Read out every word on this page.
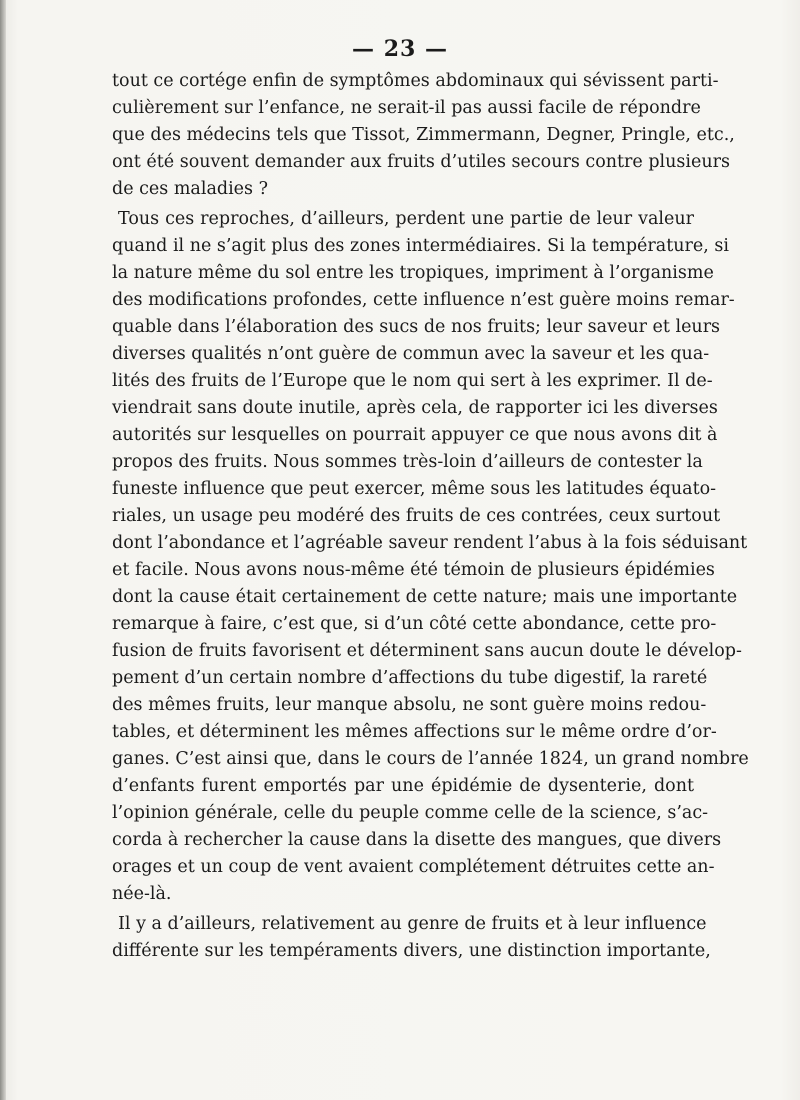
— 23 —
tout ce cortége enfin de symptômes abdominaux qui sévissent parti-
culièrement sur l’enfance, ne serait-il pas aussi facile de répondre
que des médecins tels que Tissot, Zimmermann, Degner, Pringle, etc.,
ont été souvent demander aux fruits d’utiles secours contre plusieurs
de ces maladies ?
Tous ces reproches, d’ailleurs, perdent une partie de leur valeur
quand il ne s’agit plus des zones intermédiaires. Si la température, si
la nature même du sol entre les tropiques, impriment à l’organisme
des modifications profondes, cette influence n’est guère moins remar-
quable dans l’élaboration des sucs de nos fruits; leur saveur et leurs
diverses qualités n’ont guère de commun avec la saveur et les qua-
lités des fruits de l’Europe que le nom qui sert à les exprimer. Il de-
viendrait sans doute inutile, après cela, de rapporter ici les diverses
autorités sur lesquelles on pourrait appuyer ce que nous avons dit à
propos des fruits. Nous sommes très-loin d’ailleurs de contester la
funeste influence que peut exercer, même sous les latitudes équato-
riales, un usage peu modéré des fruits de ces contrées, ceux surtout
dont l’abondance et l’agréable saveur rendent l’abus à la fois séduisant
et facile. Nous avons nous-même été témoin de plusieurs épidémies
dont la cause était certainement de cette nature; mais une importante
remarque à faire, c’est que, si d’un côté cette abondance, cette pro-
fusion de fruits favorisent et déterminent sans aucun doute le dévelop-
pement d’un certain nombre d’affections du tube digestif, la rareté
des mêmes fruits, leur manque absolu, ne sont guère moins redou-
tables, et déterminent les mêmes affections sur le même ordre d’or-
ganes. C’est ainsi que, dans le cours de l’année 1824, un grand nombre
d’enfants furent emportés par une épidémie de dysenterie, dont
l’opinion générale, celle du peuple comme celle de la science, s’ac-
corda à rechercher la cause dans la disette des mangues, que divers
orages et un coup de vent avaient complétement détruites cette an-
née-là.
Il y a d’ailleurs, relativement au genre de fruits et à leur influence
différente sur les tempéraments divers, une distinction importante,
